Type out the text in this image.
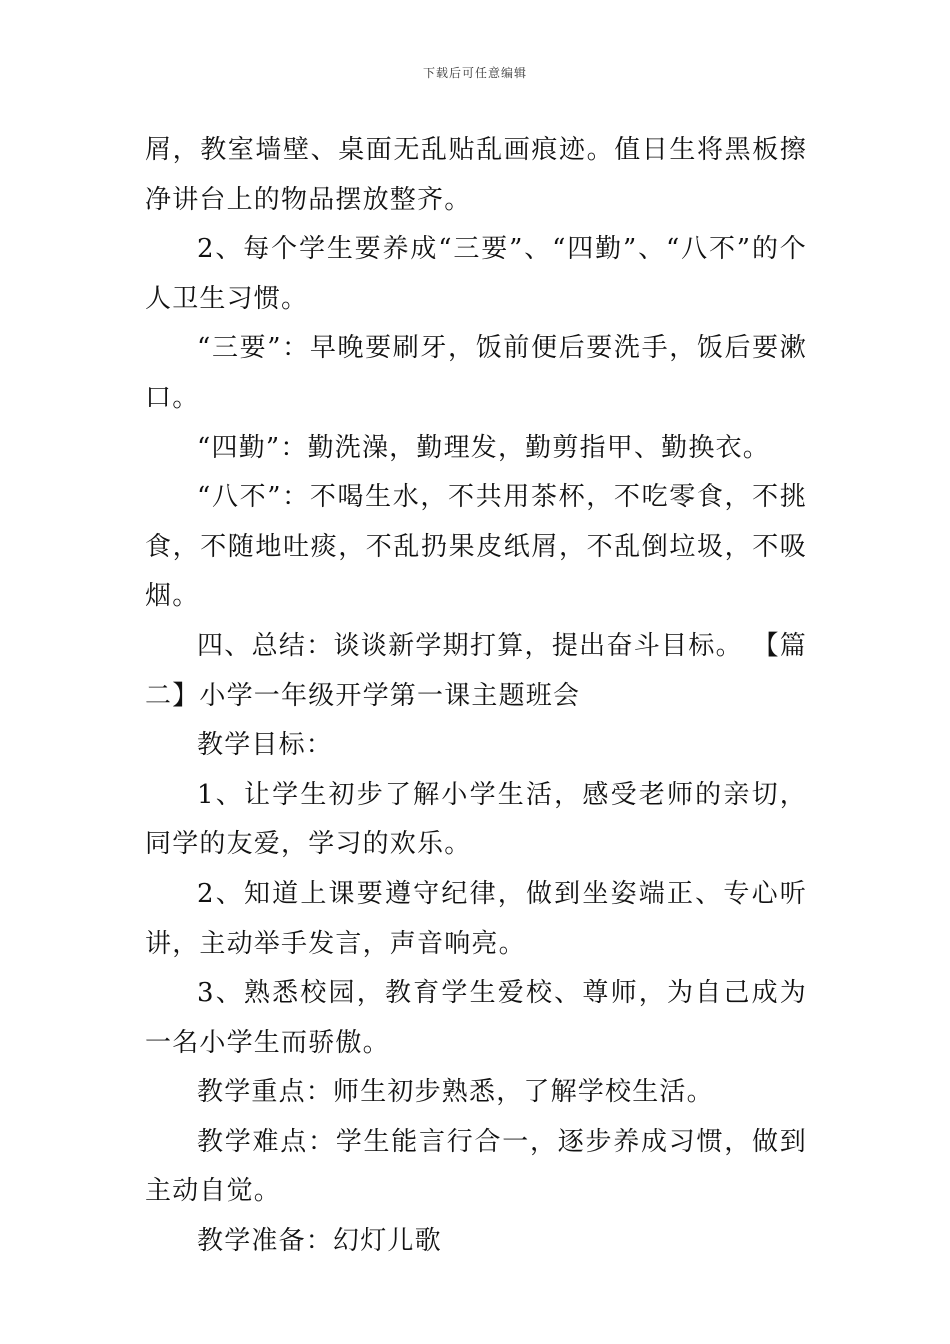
下载后可任意编辑

屑，教室墙壁、桌面无乱贴乱画痕迹。值日生将黑板擦净讲台上的物品摆放整齐。

2、每个学生要养成“三要”、“四勤”、“八不”的个人卫生习惯。

“三要”：早晚要刷牙，饭前便后要洗手，饭后要漱口。

“四勤”：勤洗澡，勤理发，勤剪指甲、勤换衣。

“八不”：不喝生水，不共用茶杯，不吃零食，不挑食，不随地吐痰，不乱扔果皮纸屑，不乱倒垃圾，不吸烟。

四、总结：谈谈新学期打算，提出奋斗目标。 【篇二】小学一年级开学第一课主题班会

教学目标：

1、让学生初步了解小学生活，感受老师的亲切，同学的友爱，学习的欢乐。

2、知道上课要遵守纪律，做到坐姿端正、专心听讲，主动举手发言，声音响亮。

3、熟悉校园，教育学生爱校、尊师，为自己成为一名小学生而骄傲。

教学重点：师生初步熟悉，了解学校生活。

教学难点：学生能言行合一，逐步养成习惯，做到主动自觉。

教学准备：幻灯儿歌
